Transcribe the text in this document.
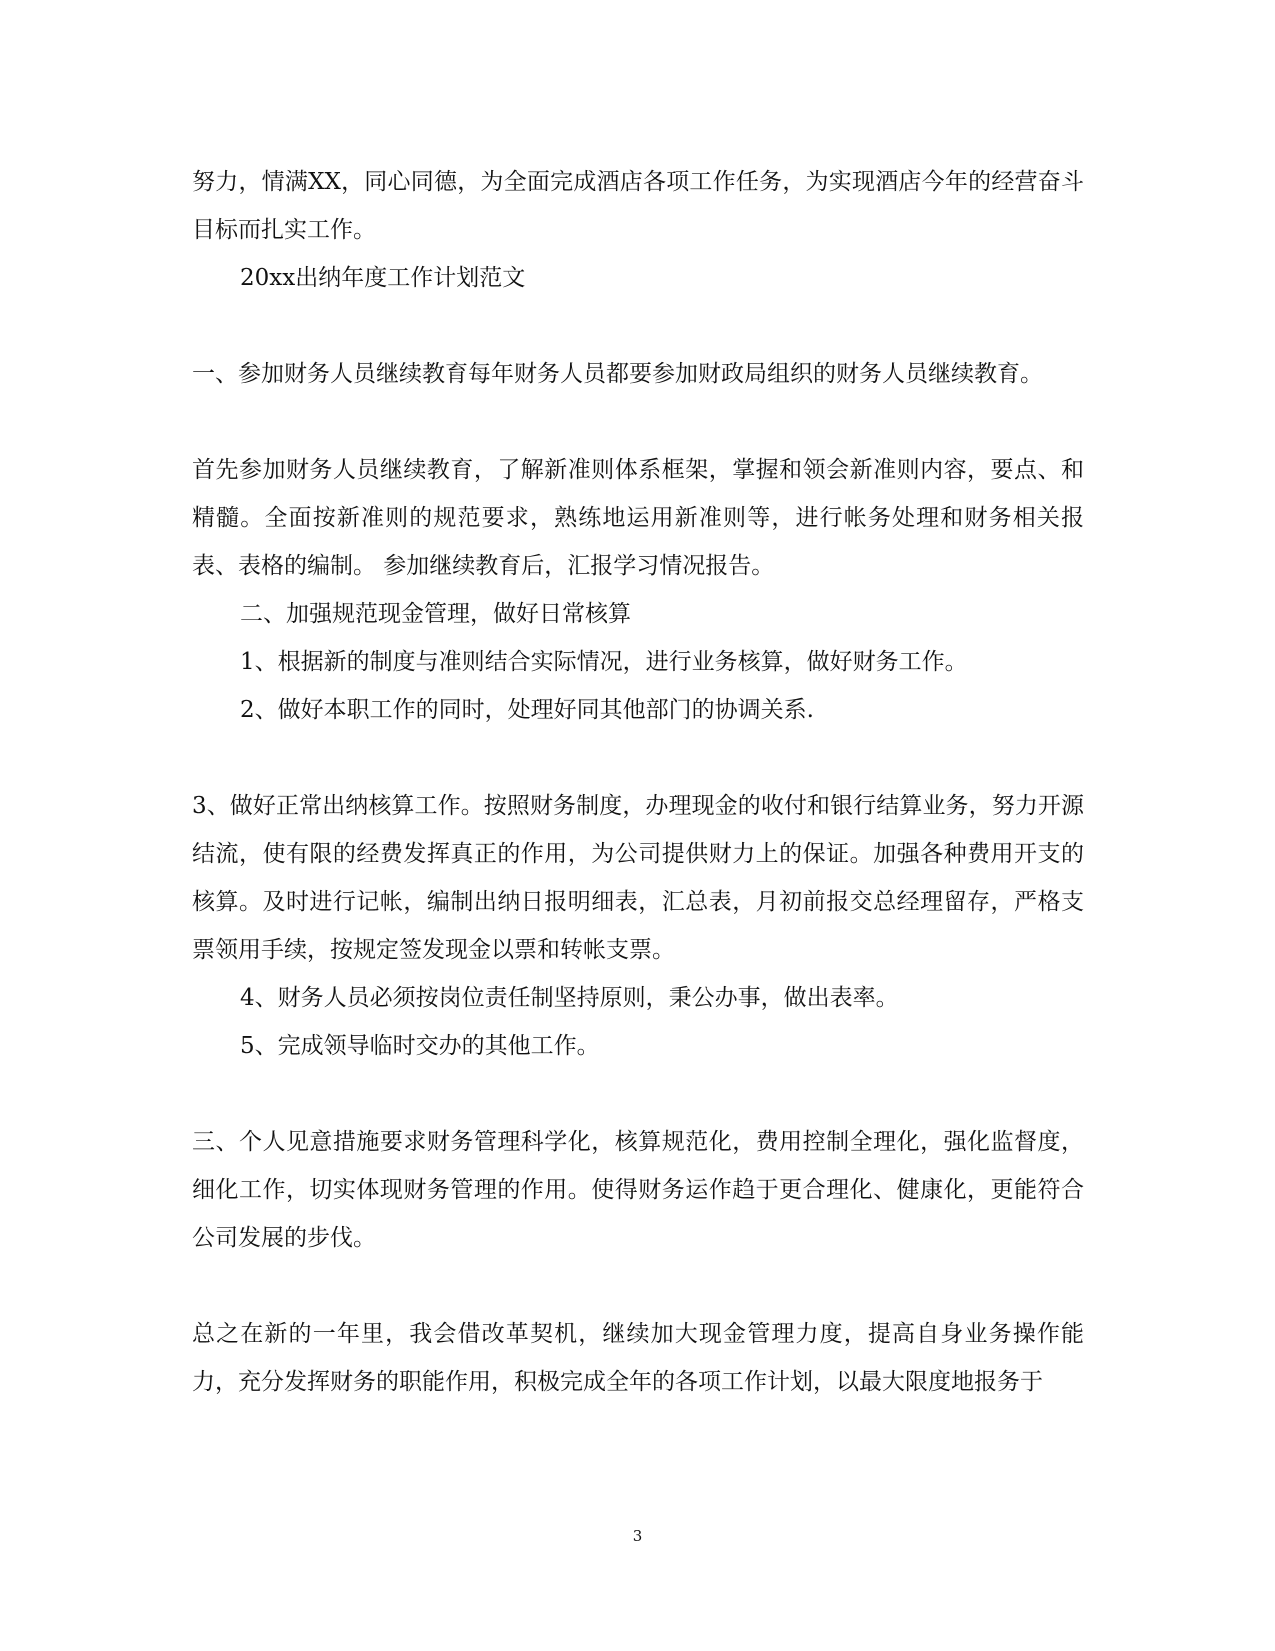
努力，情满XX，同心同德，为全面完成酒店各项工作任务，为实现酒店今年的经营奋斗目标而扎实工作。

20xx出纳年度工作计划范文

一、参加财务人员继续教育每年财务人员都要参加财政局组织的财务人员继续教育。

首先参加财务人员继续教育，了解新准则体系框架，掌握和领会新准则内容，要点、和精髓。全面按新准则的规范要求，熟练地运用新准则等，进行帐务处理和财务相关报表、表格的编制。 参加继续教育后，汇报学习情况报告。

二、加强规范现金管理，做好日常核算

1、根据新的制度与准则结合实际情况，进行业务核算，做好财务工作。

2、做好本职工作的同时，处理好同其他部门的协调关系.

3、做好正常出纳核算工作。按照财务制度，办理现金的收付和银行结算业务，努力开源结流，使有限的经费发挥真正的作用，为公司提供财力上的保证。加强各种费用开支的核算。及时进行记帐，编制出纳日报明细表，汇总表，月初前报交总经理留存，严格支票领用手续，按规定签发现金以票和转帐支票。

4、财务人员必须按岗位责任制坚持原则，秉公办事，做出表率。

5、完成领导临时交办的其他工作。

三、个人见意措施要求财务管理科学化，核算规范化，费用控制全理化，强化监督度，细化工作，切实体现财务管理的作用。使得财务运作趋于更合理化、健康化，更能符合公司发展的步伐。

总之在新的一年里，我会借改革契机，继续加大现金管理力度，提高自身业务操作能力，充分发挥财务的职能作用，积极完成全年的各项工作计划，以最大限度地报务于

3
